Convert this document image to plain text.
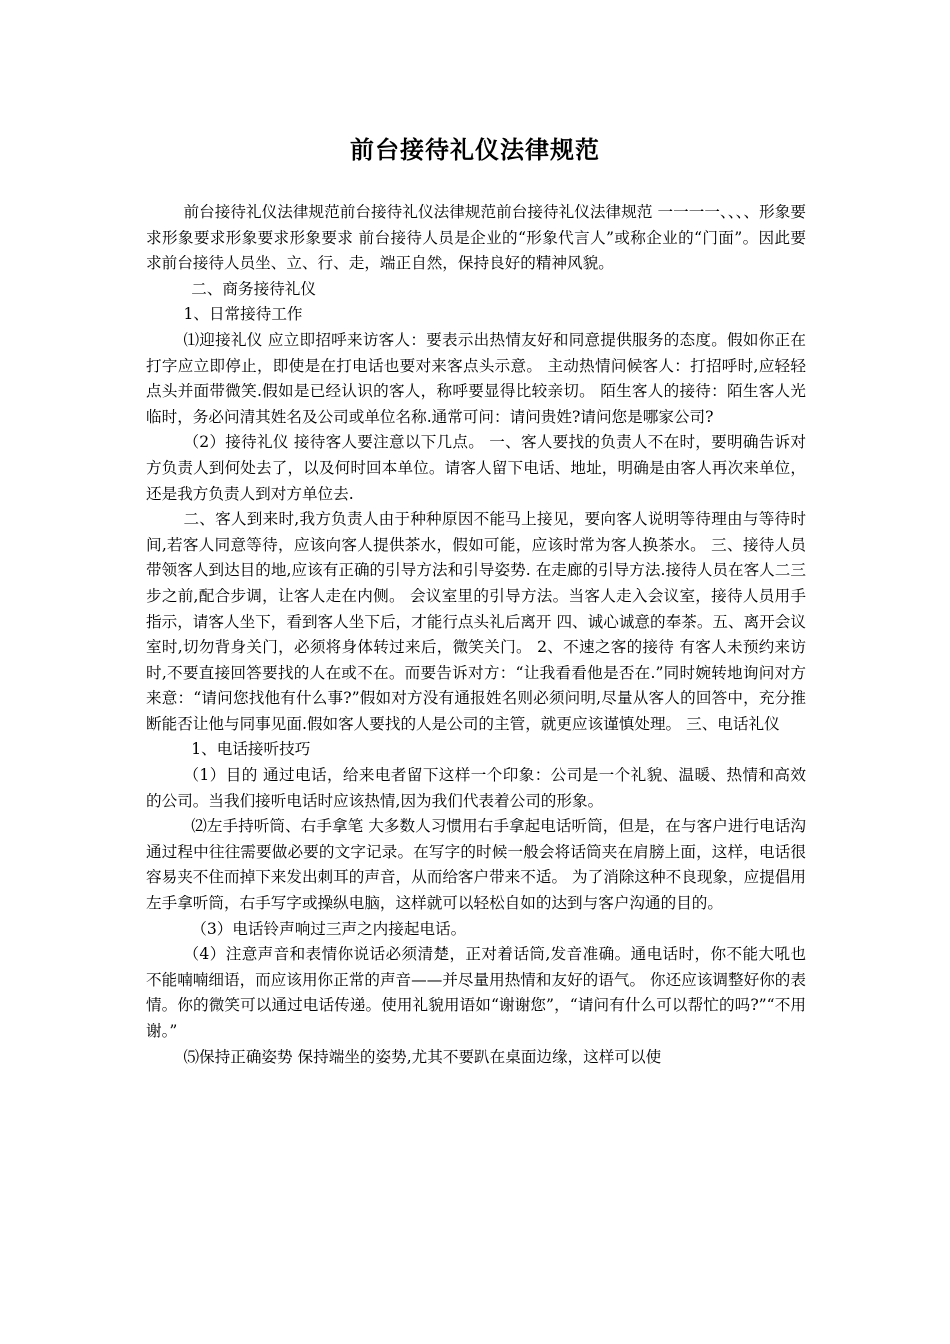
前台接待礼仪法律规范

前台接待礼仪法律规范前台接待礼仪法律规范前台接待礼仪法律规范 一一一一、、、、形象要求形象要求形象要求形象要求 前台接待人员是企业的“形象代言人”或称企业的“门面”。因此要求前台接待人员坐、立、行、走，端正自然，保持良好的精神风貌。

二、商务接待礼仪

1、日常接待工作

⑴迎接礼仪 应立即招呼来访客人：要表示出热情友好和同意提供服务的态度。假如你正在打字应立即停止，即使是在打电话也要对来客点头示意。 主动热情问候客人：打招呼时,应轻轻点头并面带微笑.假如是已经认识的客人，称呼要显得比较亲切。 陌生客人的接待：陌生客人光临时，务必问清其姓名及公司或单位名称.通常可问：请问贵姓?请问您是哪家公司?

（2）接待礼仪 接待客人要注意以下几点。 一、客人要找的负责人不在时，要明确告诉对方负责人到何处去了，以及何时回本单位。请客人留下电话、地址，明确是由客人再次来单位，还是我方负责人到对方单位去.

二、客人到来时,我方负责人由于种种原因不能马上接见，要向客人说明等待理由与等待时间,若客人同意等待，应该向客人提供茶水，假如可能，应该时常为客人换茶水。 三、接待人员带领客人到达目的地,应该有正确的引导方法和引导姿势. 在走廊的引导方法.接待人员在客人二三步之前,配合步调，让客人走在内侧。 会议室里的引导方法。当客人走入会议室，接待人员用手指示，请客人坐下，看到客人坐下后，才能行点头礼后离开 四、诚心诚意的奉茶。五、离开会议室时,切勿背身关门，必须将身体转过来后，微笑关门。 2、不速之客的接待 有客人未预约来访时,不要直接回答要找的人在或不在。而要告诉对方：“让我看看他是否在.”同时婉转地询问对方来意：“请问您找他有什么事?”假如对方没有通报姓名则必须问明,尽量从客人的回答中，充分推断能否让他与同事见面.假如客人要找的人是公司的主管，就更应该谨慎处理。 三、电话礼仪

1、电话接听技巧

（1）目的 通过电话，给来电者留下这样一个印象：公司是一个礼貌、温暖、热情和高效的公司。当我们接听电话时应该热情,因为我们代表着公司的形象。

⑵左手持听筒、右手拿笔 大多数人习惯用右手拿起电话听筒，但是，在与客户进行电话沟通过程中往往需要做必要的文字记录。在写字的时候一般会将话筒夹在肩膀上面，这样，电话很容易夹不住而掉下来发出刺耳的声音，从而给客户带来不适。 为了消除这种不良现象，应提倡用左手拿听筒，右手写字或操纵电脑，这样就可以轻松自如的达到与客户沟通的目的。

（3）电话铃声响过三声之内接起电话。

（4）注意声音和表情你说话必须清楚，正对着话筒,发音准确。通电话时，你不能大吼也不能喃喃细语，而应该用你正常的声音——并尽量用热情和友好的语气。 你还应该调整好你的表情。你的微笑可以通过电话传递。使用礼貌用语如“谢谢您”，“请问有什么可以帮忙的吗?”“不用谢。”

⑸保持正确姿势 保持端坐的姿势,尤其不要趴在桌面边缘，这样可以使
